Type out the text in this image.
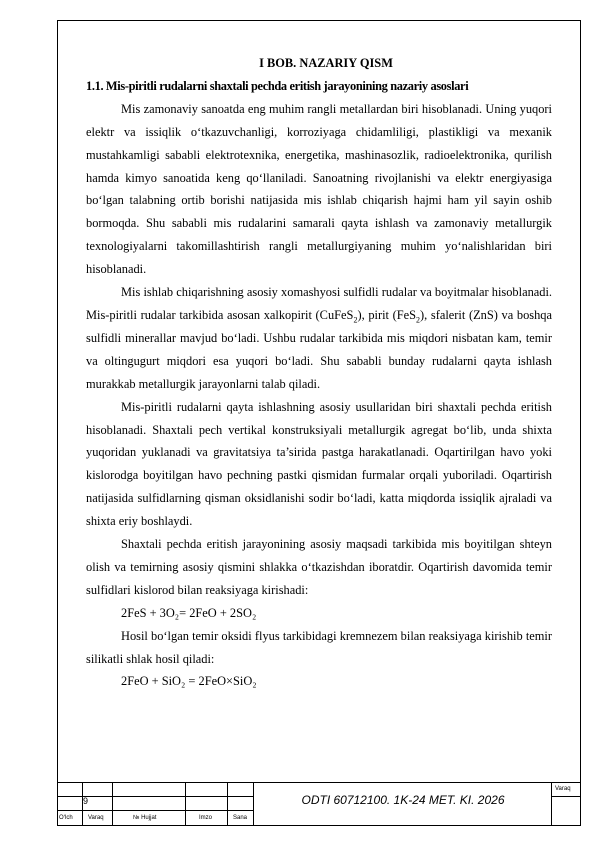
I BOB. NAZARIY QISM

1.1. Mis-piritli rudalarni shaxtali pechda eritish jarayonining nazariy asoslari

Mis zamonaviy sanoatda eng muhim rangli metallardan biri hisoblanadi. Uning yuqori elektr va issiqlik o‘tkazuvchanligi, korroziyaga chidamliligi, plastikligi va mexanik mustahkamligi sababli elektrotexnika, energetika, mashinasozlik, radioelektronika, qurilish hamda kimyo sanoatida keng qo‘llaniladi. Sanoatning rivojlanishi va elektr energiyasiga bo‘lgan talabning ortib borishi natijasida mis ishlab chiqarish hajmi ham yil sayin oshib bormoqda. Shu sababli mis rudalarini samarali qayta ishlash va zamonaviy metallurgik texnologiyalarni takomillashtirish rangli metallurgiyaning muhim yo‘nalishlaridan biri hisoblanadi.

Mis ishlab chiqarishning asosiy xomashyosi sulfidli rudalar va boyitmalar hisoblanadi. Mis-piritli rudalar tarkibida asosan xalkopirit (CuFeS$_2$), pirit (FeS$_2$), sfalerit (ZnS) va boshqa sulfidli minerallar mavjud bo‘ladi. Ushbu rudalar tarkibida mis miqdori nisbatan kam, temir va oltingugurt miqdori esa yuqori bo‘ladi. Shu sababli bunday rudalarni qayta ishlash murakkab metallurgik jarayonlarni talab qiladi.

Mis-piritli rudalarni qayta ishlashning asosiy usullaridan biri shaxtali pechda eritish hisoblanadi. Shaxtali pech vertikal konstruksiyali metallurgik agregat bo‘lib, unda shixta yuqoridan yuklanadi va gravitatsiya ta’sirida pastga harakatlanadi. Oqartirilgan havo yoki kislorodga boyitilgan havo pechning pastki qismidan furmalar orqali yuboriladi. Oqartirish natijasida sulfidlarning qisman oksidlanishi sodir bo‘ladi, katta miqdorda issiqlik ajraladi va shixta eriy boshlaydi.

Shaxtali pechda eritish jarayonining asosiy maqsadi tarkibida mis boyitilgan shteyn olish va temirning asosiy qismini shlakka o‘tkazishdan iboratdir. Oqartirish davomida temir sulfidlari kislorod bilan reaksiyaga kirishadi:

2FeS + 3O₂= 2FeO + 2SO₂

Hosil bo‘lgan temir oksidi flyus tarkibidagi kremnezem bilan reaksiyaga kirishib temir silikatli shlak hosil qiladi:

2FeO + SiO₂ = 2FeO×SiO₂

9	ODTI 60712100. 1K-24 MET. KI. 2026
Varaq
O‘lch	Varaq	№ Hujjat	Imzo	Sana
